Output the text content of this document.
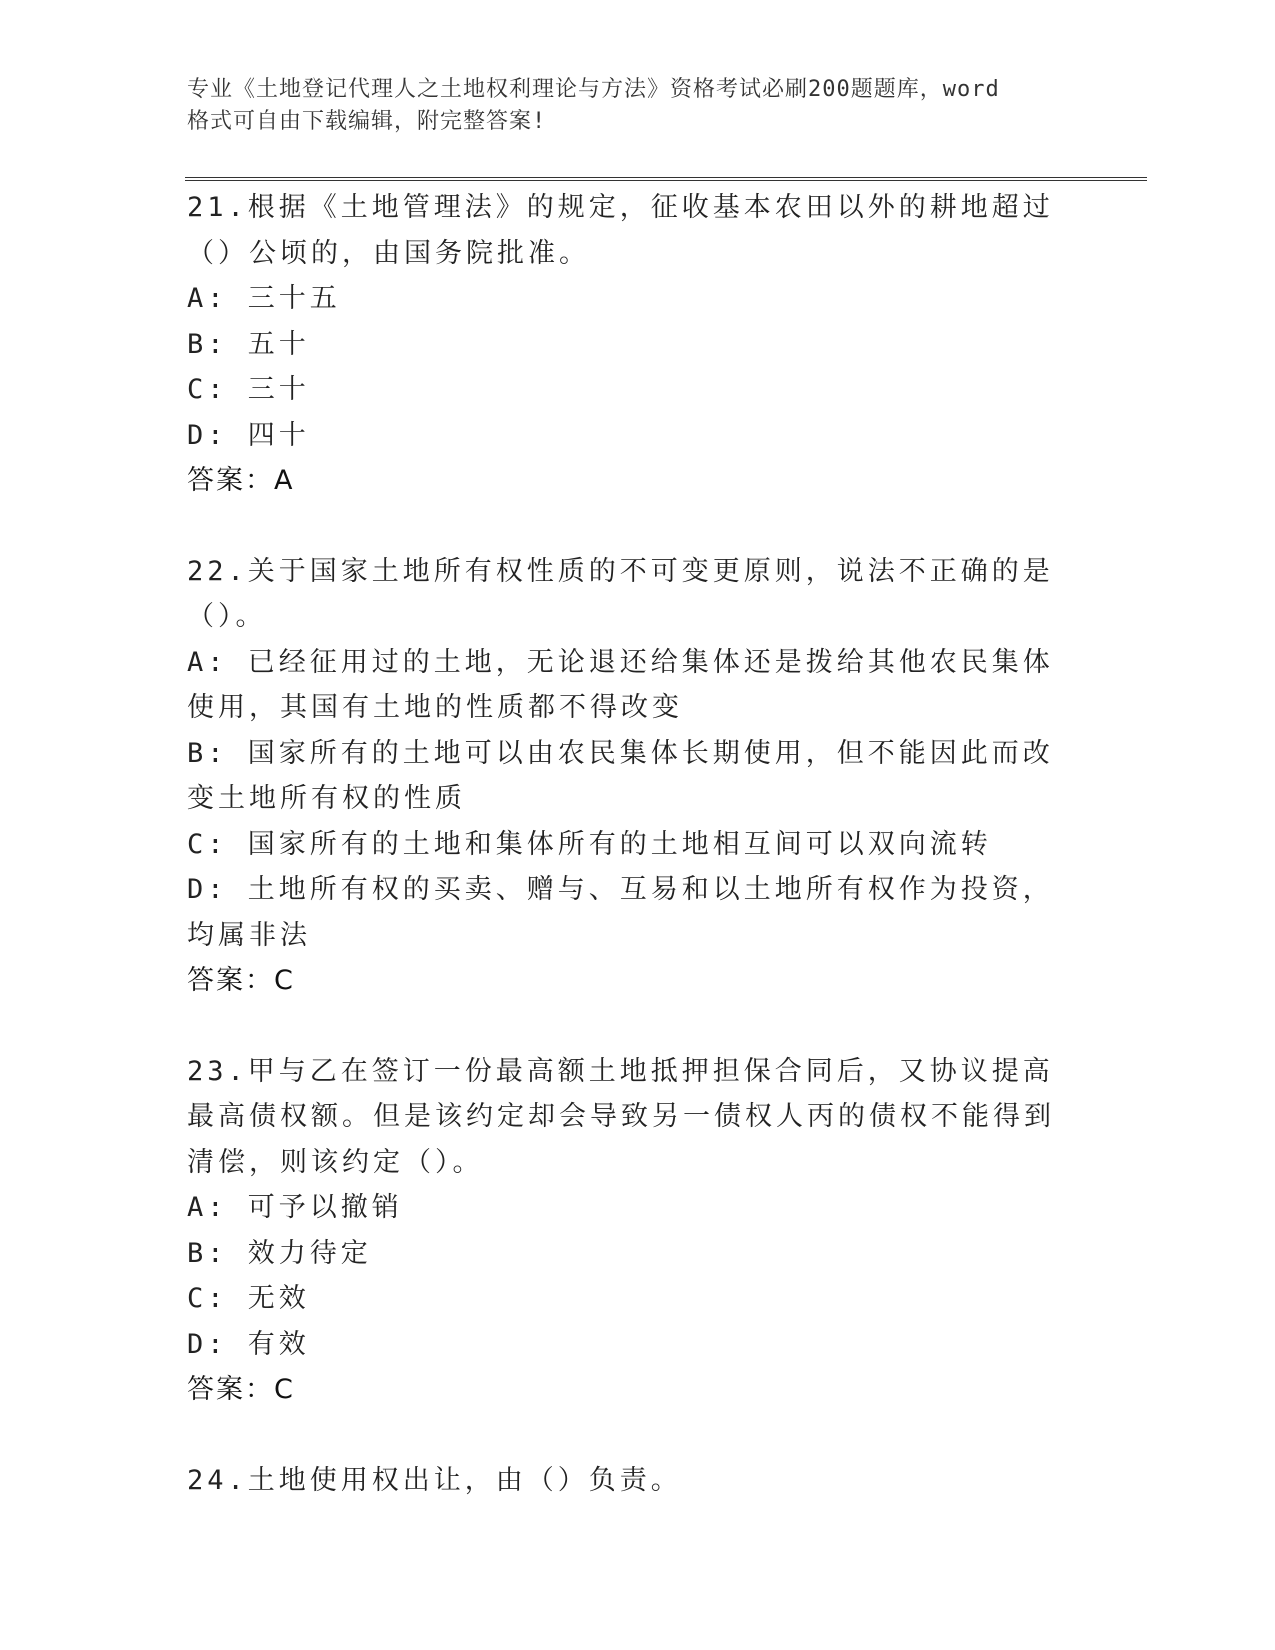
专业《土地登记代理人之土地权利理论与方法》资格考试必刷200题题库，word
格式可自由下载编辑，附完整答案!
21.根据《土地管理法》的规定，征收基本农田以外的耕地超过（）公顷的，由国务院批准。
A: 三十五
B: 五十
C: 三十
D: 四十
答案：A
22.关于国家土地所有权性质的不可变更原则，说法不正确的是（）。
A: 已经征用过的土地，无论退还给集体还是拨给其他农民集体使用，其国有土地的性质都不得改变
B: 国家所有的土地可以由农民集体长期使用，但不能因此而改变土地所有权的性质
C: 国家所有的土地和集体所有的土地相互间可以双向流转
D: 土地所有权的买卖、赠与、互易和以土地所有权作为投资，均属非法
答案：C
23.甲与乙在签订一份最高额土地抵押担保合同后，又协议提高最高债权额。但是该约定却会导致另一债权人丙的债权不能得到清偿，则该约定（）。
A: 可予以撤销
B: 效力待定
C: 无效
D: 有效
答案：C
24.土地使用权出让，由（）负责。
